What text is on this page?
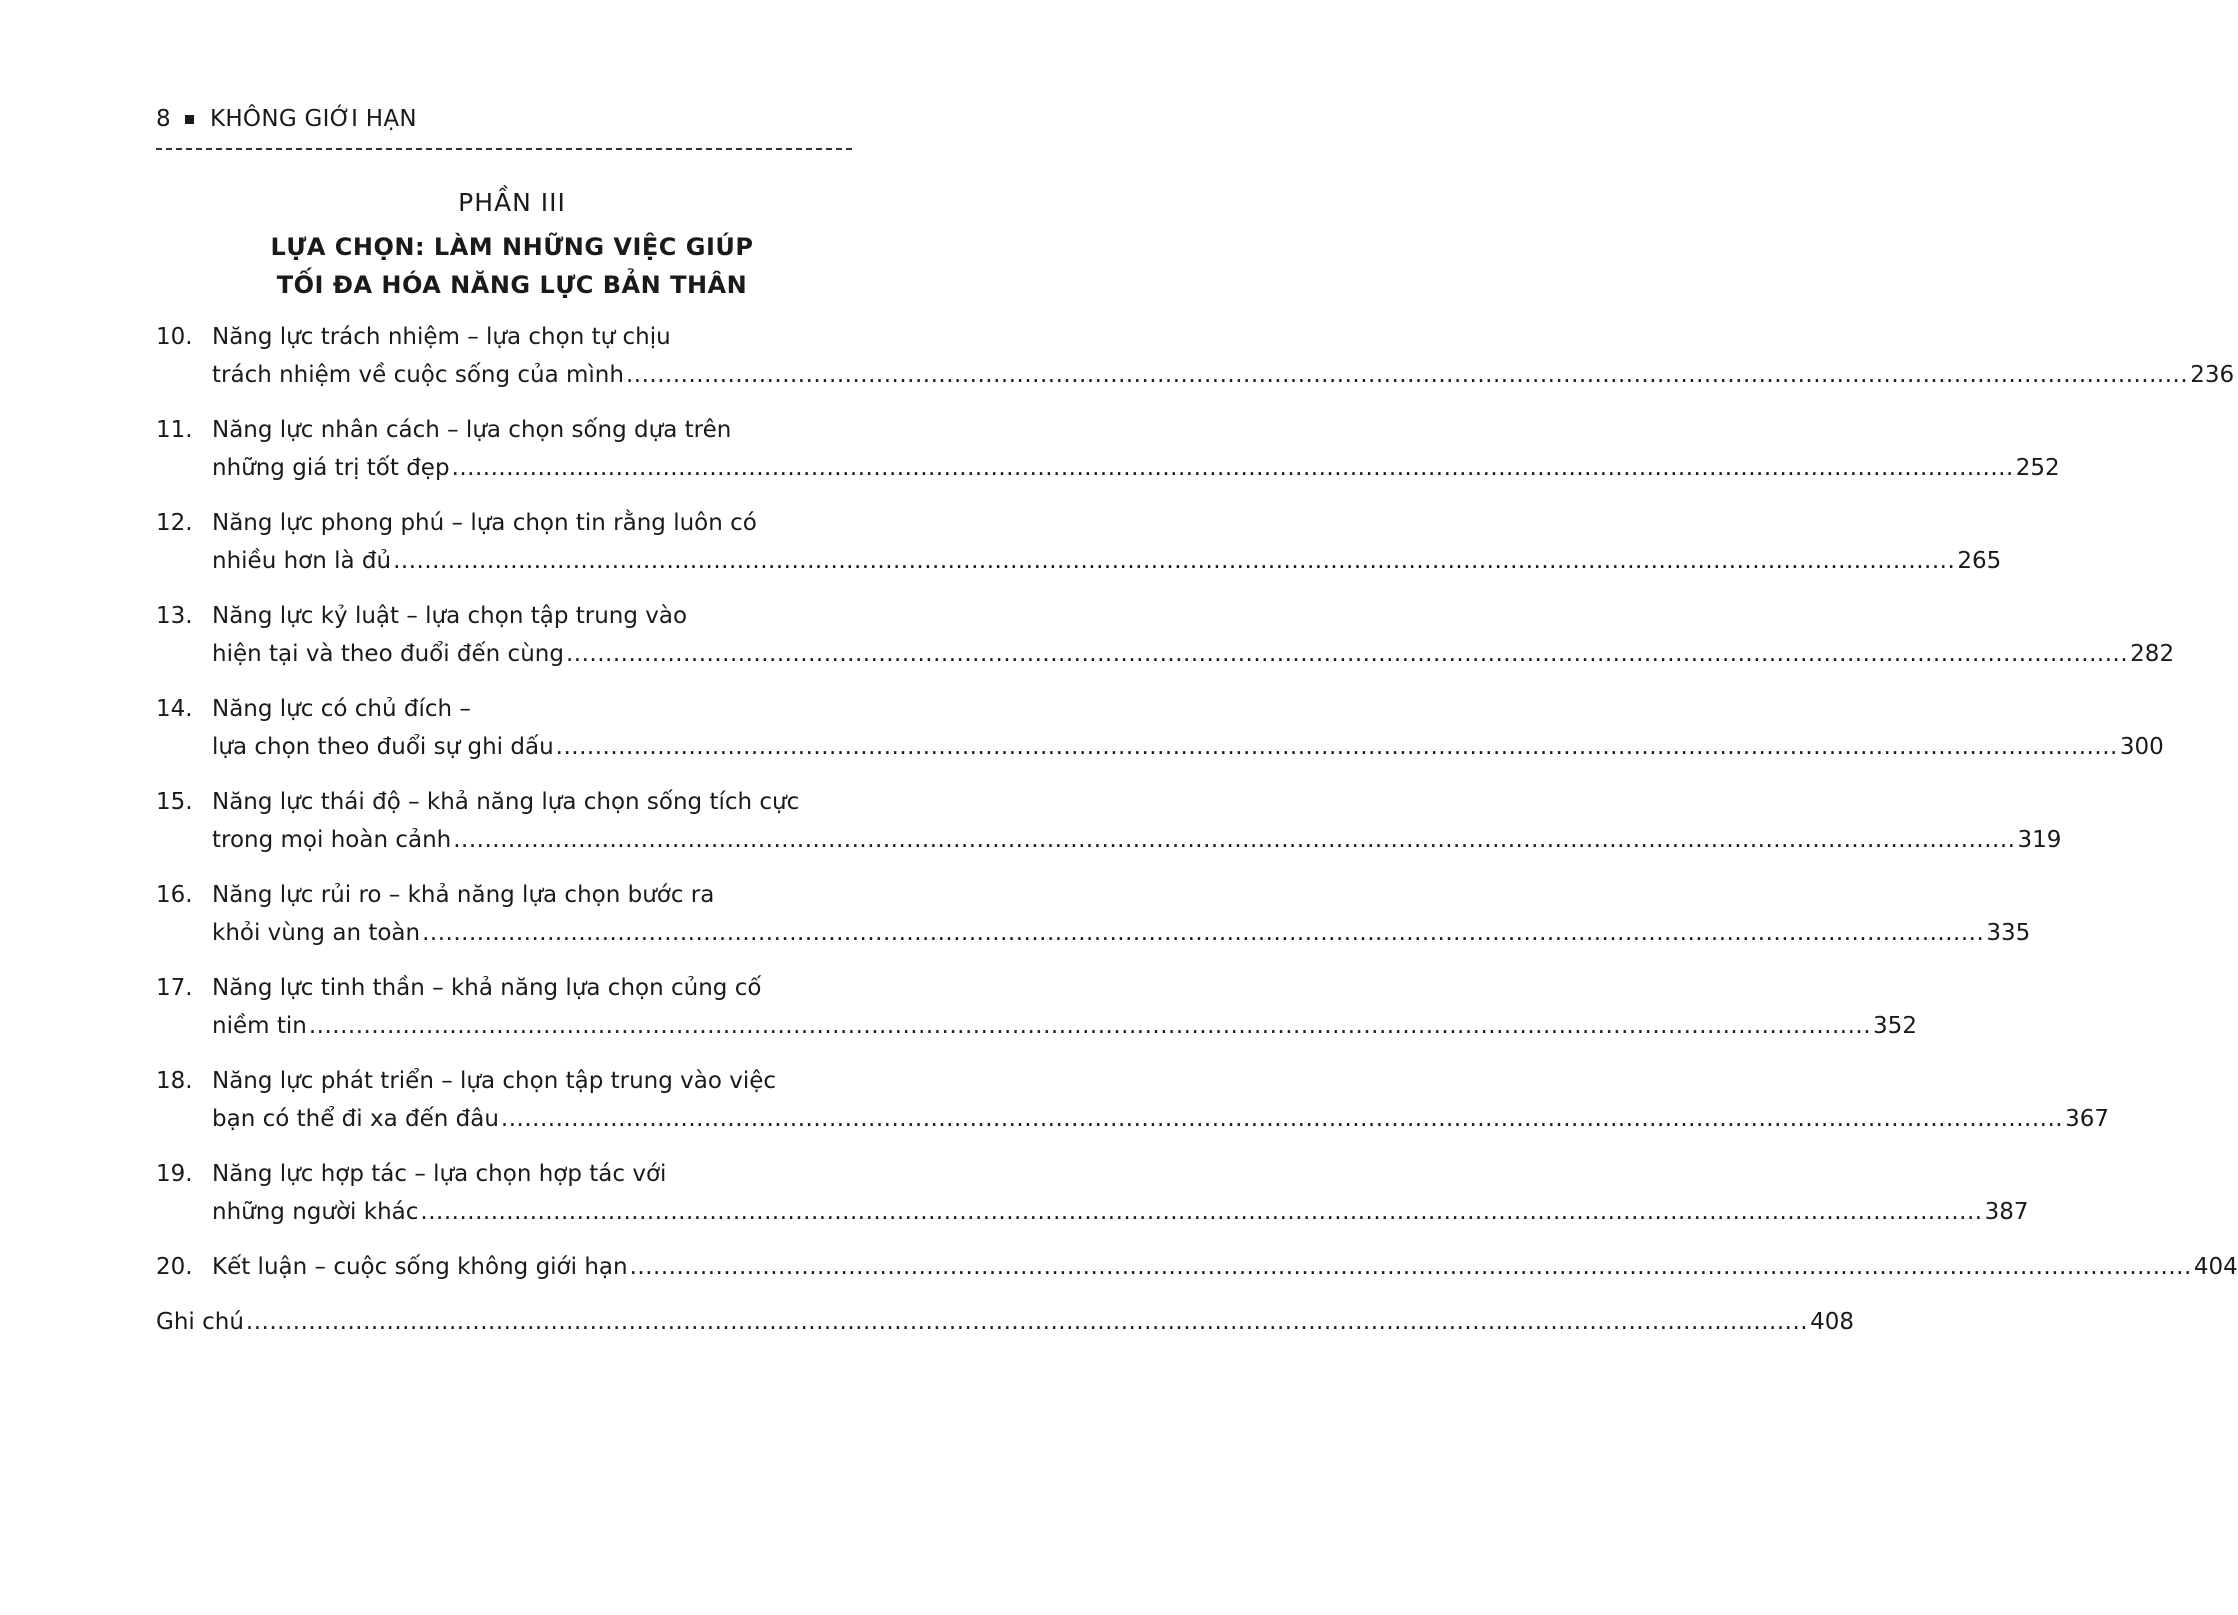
8 KHÔNG GIỚI HẠN
PHẦN III
LỰA CHỌN: LÀM NHỮNG VIỆC GIÚP
TỐI ĐA HÓA NĂNG LỰC BẢN THÂN
10. Năng lực trách nhiệm – lựa chọn tự chịu
trách nhiệm về cuộc sống của mình ........................................................................................................................................................................................................ 236
11. Năng lực nhân cách – lựa chọn sống dựa trên
những giá trị tốt đẹp ........................................................................................................................................................................................................ 252
12. Năng lực phong phú – lựa chọn tin rằng luôn có
nhiều hơn là đủ ........................................................................................................................................................................................................ 265
13. Năng lực kỷ luật – lựa chọn tập trung vào
hiện tại và theo đuổi đến cùng ........................................................................................................................................................................................................ 282
14. Năng lực có chủ đích –
lựa chọn theo đuổi sự ghi dấu ........................................................................................................................................................................................................ 300
15. Năng lực thái độ – khả năng lựa chọn sống tích cực
trong mọi hoàn cảnh ........................................................................................................................................................................................................ 319
16. Năng lực rủi ro – khả năng lựa chọn bước ra
khỏi vùng an toàn ........................................................................................................................................................................................................ 335
17. Năng lực tinh thần – khả năng lựa chọn củng cố
niềm tin ........................................................................................................................................................................................................ 352
18. Năng lực phát triển – lựa chọn tập trung vào việc
bạn có thể đi xa đến đâu ........................................................................................................................................................................................................ 367
19. Năng lực hợp tác – lựa chọn hợp tác với
những người khác ........................................................................................................................................................................................................ 387
20. Kết luận – cuộc sống không giới hạn ........................................................................................................................................................................................................ 404
Ghi chú ........................................................................................................................................................................................................ 408
